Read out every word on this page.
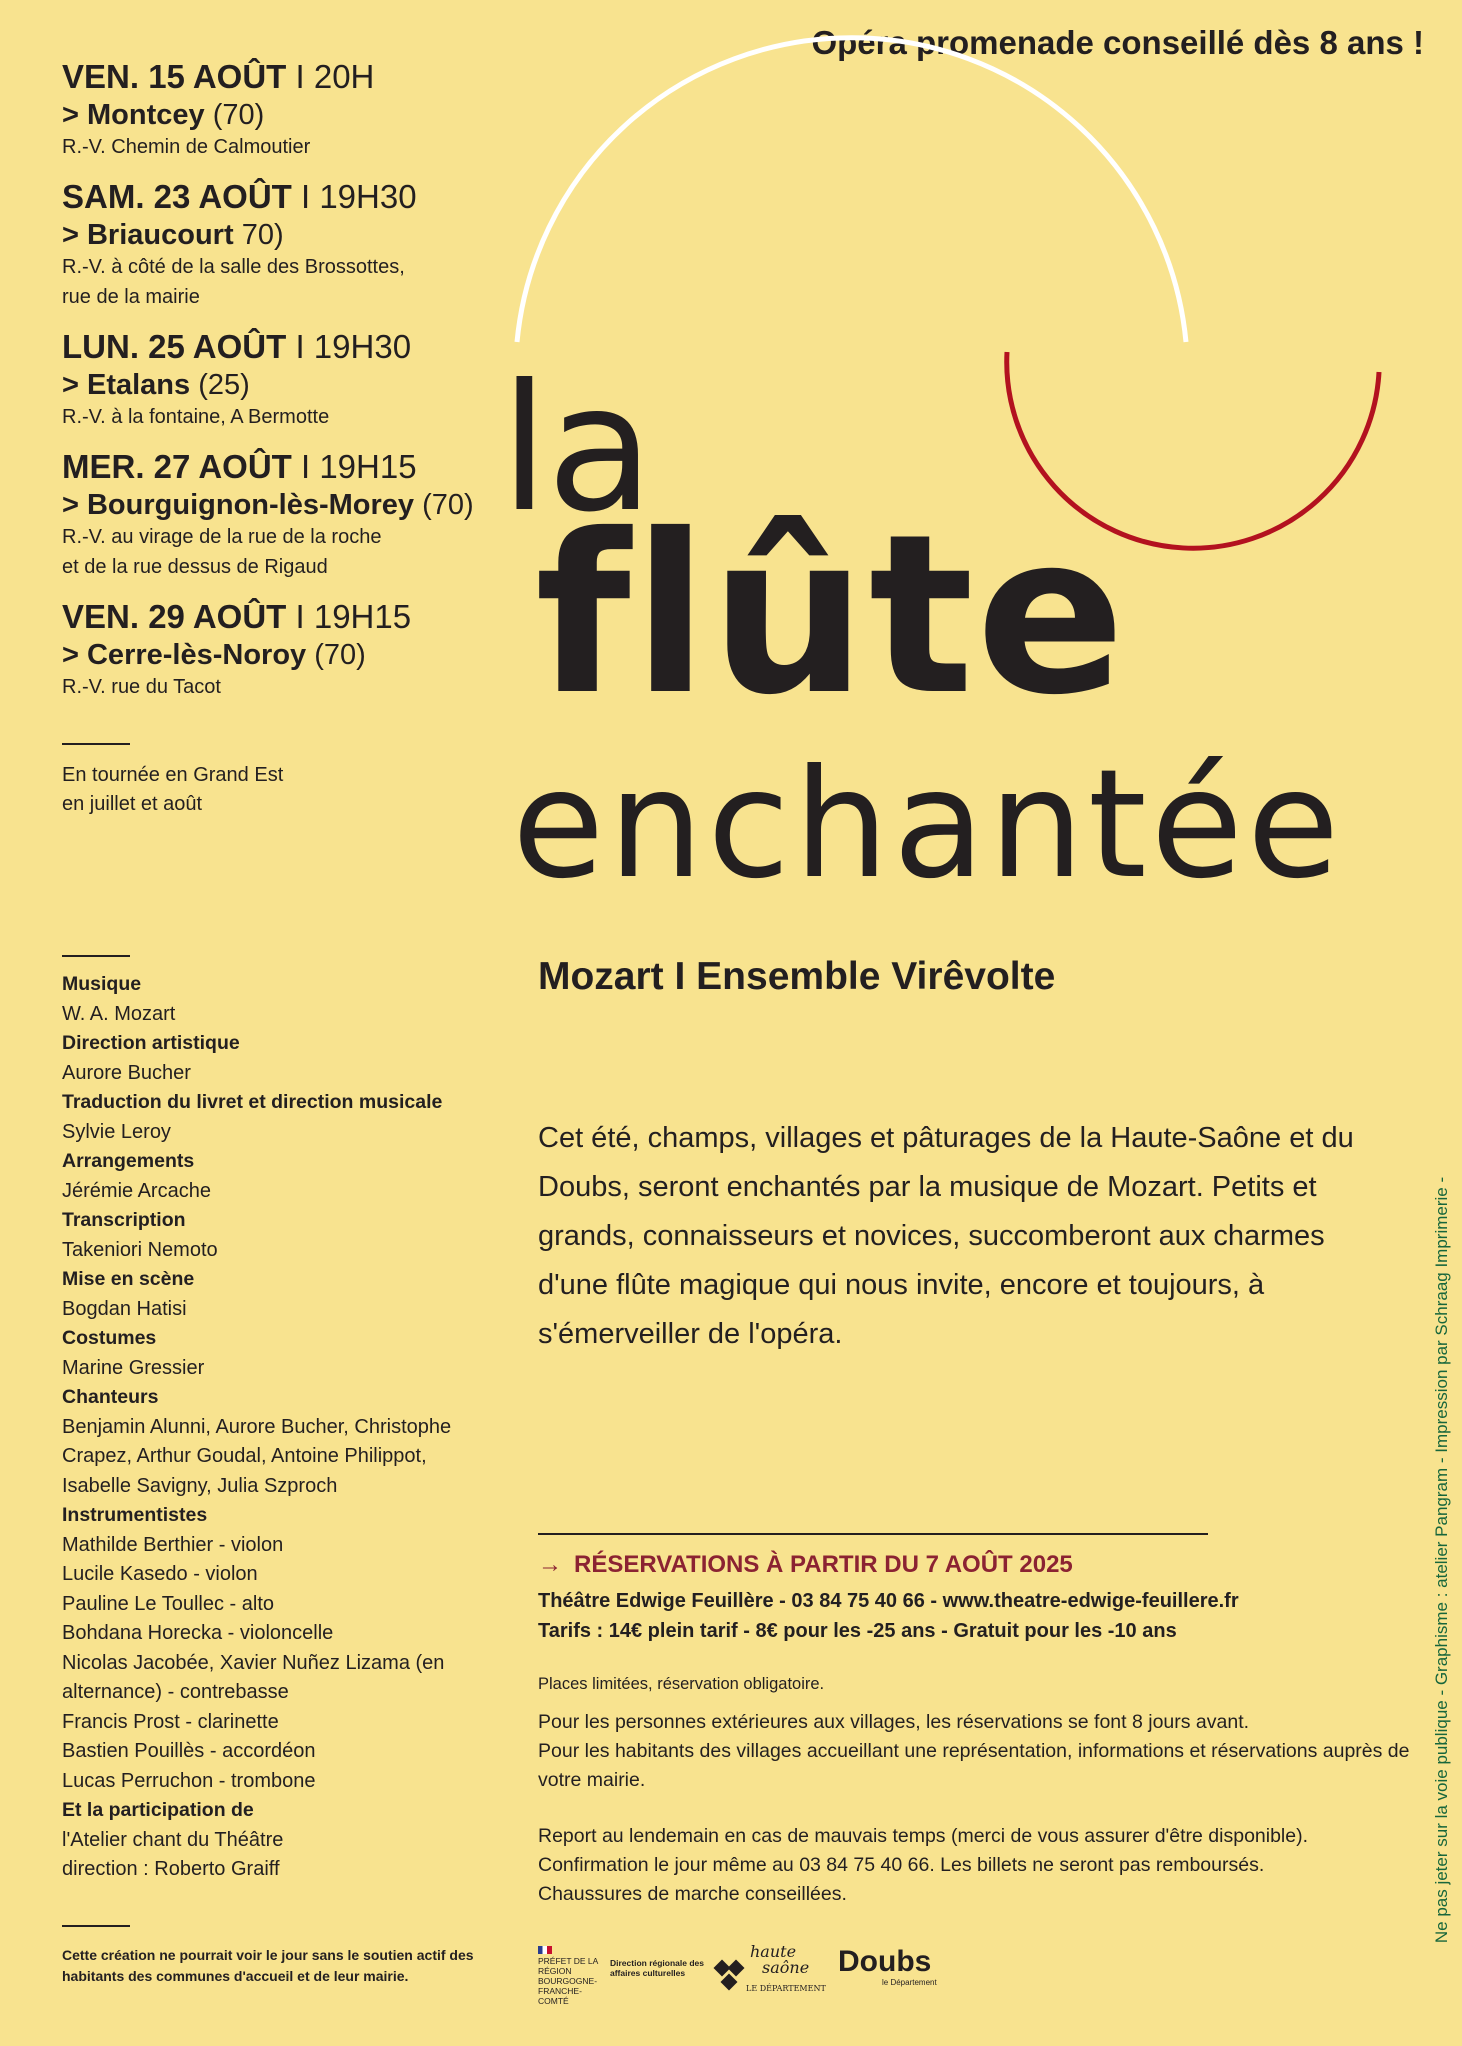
Opéra promenade conseillé dès 8 ans !
VEN. 15 AOÛT I 20H
> Montcey (70)
R.-V. Chemin de Calmoutier
SAM. 23 AOÛT I 19H30
> Briaucourt 70)
R.-V. à côté de la salle des Brossottes,
rue de la mairie
LUN. 25 AOÛT I 19H30
> Etalans (25)
R.-V. à la fontaine, A Bermotte
MER. 27 AOÛT I 19H15
> Bourguignon-lès-Morey (70)
R.-V. au virage de la rue de la roche
et de la rue dessus de Rigaud
VEN. 29 AOÛT I 19H15
> Cerre-lès-Noroy (70)
R.-V. rue du Tacot
En tournée en Grand Est
en juillet et août
Musique
W. A. Mozart
Direction artistique
Aurore Bucher
Traduction du livret et direction musicale
Sylvie Leroy
Arrangements
Jérémie Arcache
Transcription
Takeniori Nemoto
Mise en scène
Bogdan Hatisi
Costumes
Marine Gressier
Chanteurs
Benjamin Alunni, Aurore Bucher, Christophe Crapez, Arthur Goudal, Antoine Philippot, Isabelle Savigny, Julia Szproch
Instrumentistes
Mathilde Berthier - violon
Lucile Kasedo - violon
Pauline Le Toullec - alto
Bohdana Horecka - violoncelle
Nicolas Jacobée, Xavier Nuñez Lizama (en alternance) - contrebasse
Francis Prost - clarinette
Bastien Pouillès - accordéon
Lucas Perruchon - trombone
Et la participation de
l'Atelier chant du Théâtre
direction : Roberto Graiff
Cette création ne pourrait voir le jour sans le soutien actif des habitants des communes d'accueil et de leur mairie.
la
flûte
enchantée
Mozart I Ensemble Virêvolte
Cet été, champs, villages et pâturages de la Haute-Saône et du Doubs, seront enchantés par la musique de Mozart. Petits et grands, connaisseurs et novices, succomberont aux charmes d'une flûte magique qui nous invite, encore et toujours, à s'émerveiller de l'opéra.
→ RÉSERVATIONS À PARTIR DU 7 AOÛT 2025
Théâtre Edwige Feuillère - 03 84 75 40 66 - www.theatre-edwige-feuillere.fr
Tarifs : 14€ plein tarif - 8€ pour les -25 ans - Gratuit pour les -10 ans
Places limitées, réservation obligatoire.
Pour les personnes extérieures aux villages, les réservations se font 8 jours avant.
Pour les habitants des villages accueillant une représentation, informations et réservations auprès de votre mairie.
Report au lendemain en cas de mauvais temps (merci de vous assurer d'être disponible).
Confirmation le jour même au 03 84 75 40 66. Les billets ne seront pas remboursés.
Chaussures de marche conseillées.
PRÉFET DE LA RÉGION BOURGOGNE-FRANCHE-COMTÉ
Direction régionale des affaires culturelles
haute
saône
LE DÉPARTEMENT
Doubs
le Département
Ne pas jeter sur la voie publique - Graphisme : atelier Pangram - Impression par Schraag Imprimerie -
